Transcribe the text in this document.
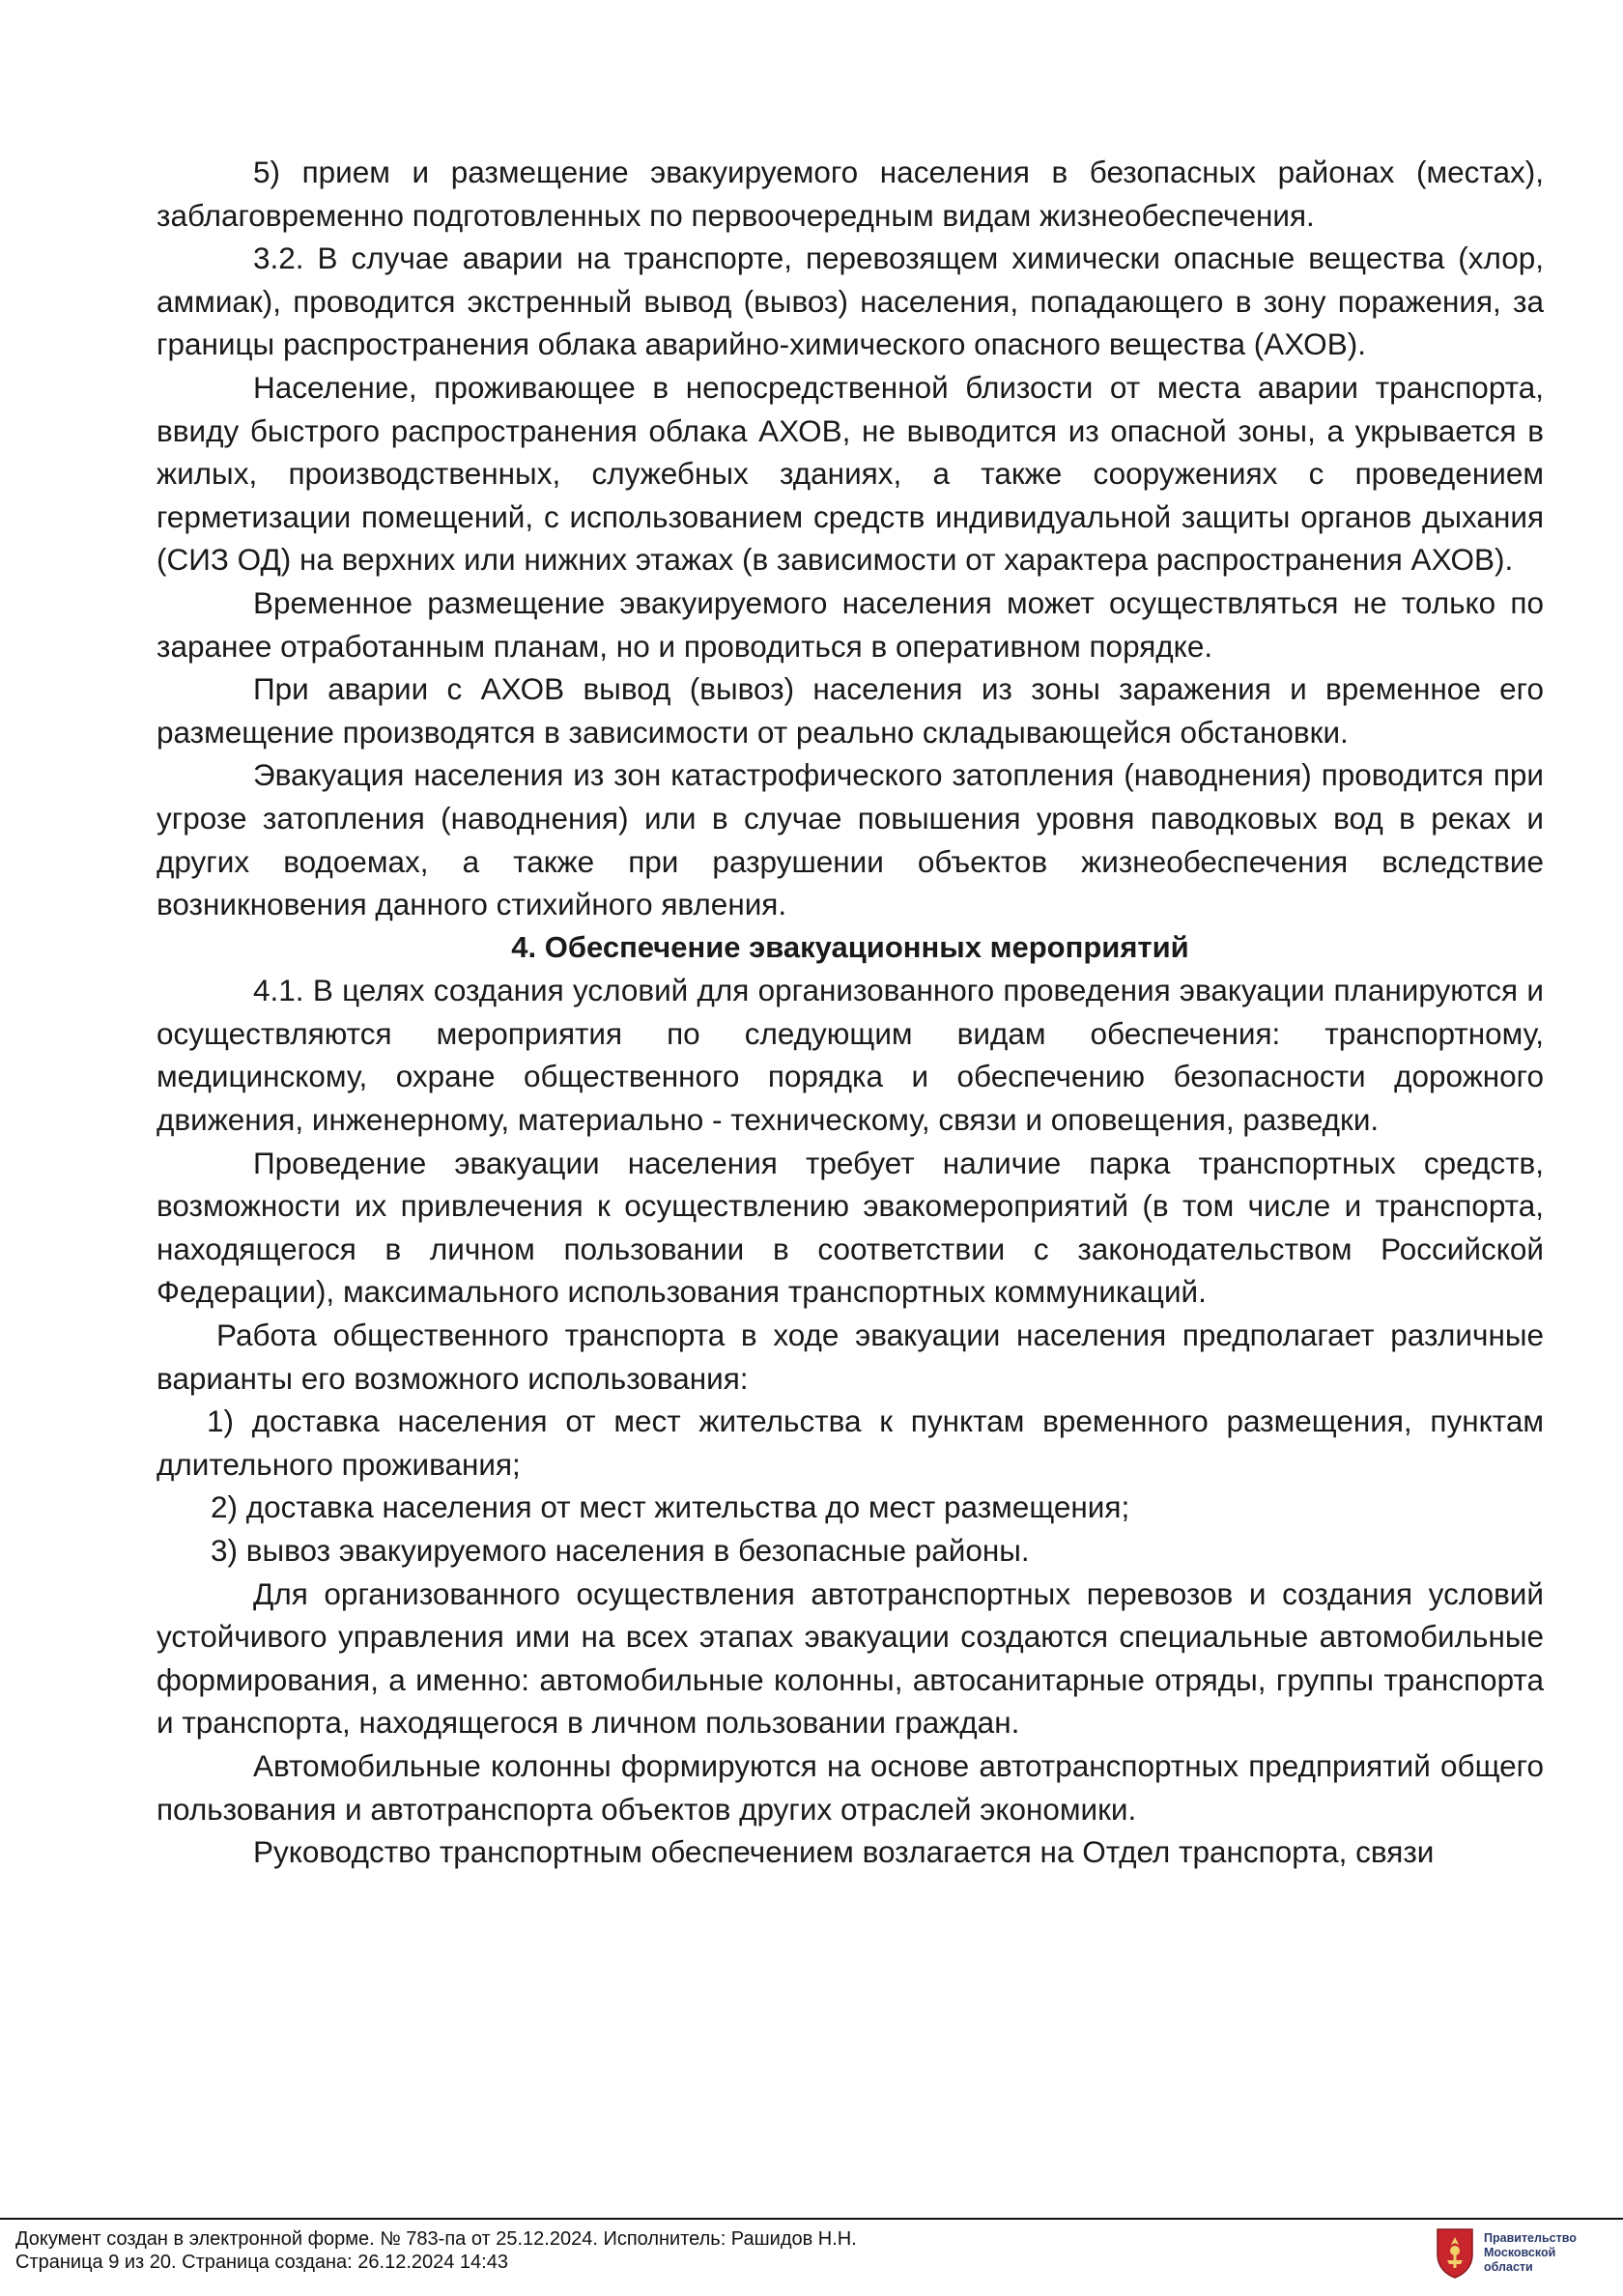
5) прием и размещение эвакуируемого населения в безопасных районах (местах), заблаговременно подготовленных по первоочередным видам жизнеобеспечения.

3.2. В случае аварии на транспорте, перевозящем химически опасные вещества (хлор, аммиак), проводится экстренный вывод (вывоз) населения, попадающего в зону поражения, за границы распространения облака аварийно-химического опасного вещества (АХОВ).

Население, проживающее в непосредственной близости от места аварии транспорта, ввиду быстрого распространения облака АХОВ, не выводится из опасной зоны, а укрывается в жилых, производственных, служебных зданиях, а также сооружениях с проведением герметизации помещений, с использованием средств индивидуальной защиты органов дыхания (СИЗ ОД) на верхних или нижних этажах (в зависимости от характера распространения АХОВ).

Временное размещение эвакуируемого населения может осуществляться не только по заранее отработанным планам, но и проводиться в оперативном порядке.

При аварии с АХОВ вывод (вывоз) населения из зоны заражения и временное его размещение производятся в зависимости от реально складывающейся обстановки.

Эвакуация населения из зон катастрофического затопления (наводнения) проводится при угрозе затопления (наводнения) или в случае повышения уровня паводковых вод в реках и других водоемах, а также при разрушении объектов жизнеобеспечения вследствие возникновения данного стихийного явления.

4. Обеспечение эвакуационных мероприятий

4.1. В целях создания условий для организованного проведения эвакуации планируются и осуществляются мероприятия по следующим видам обеспечения: транспортному, медицинскому, охране общественного порядка и обеспечению безопасности дорожного движения, инженерному, материально - техническому, связи и оповещения, разведки.

Проведение эвакуации населения требует наличие парка транспортных средств, возможности их привлечения к осуществлению эвакомероприятий (в том числе и транспорта, находящегося в личном пользовании в соответствии с законодательством Российской Федерации), максимального использования транспортных коммуникаций.

Работа общественного транспорта в ходе эвакуации населения предполагает различные варианты его возможного использования:

1) доставка населения от мест жительства к пунктам временного размещения, пунктам длительного проживания;

2) доставка населения от мест жительства до мест размещения;

3) вывоз эвакуируемого населения в безопасные районы.

Для организованного осуществления автотранспортных перевозов и создания условий устойчивого управления ими на всех этапах эвакуации создаются специальные автомобильные формирования, а именно: автомобильные колонны, автосанитарные отряды, группы транспорта и транспорта, находящегося в личном пользовании граждан.

Автомобильные колонны формируются на основе автотранспортных предприятий общего пользования и автотранспорта объектов других отраслей экономики.

Руководство транспортным обеспечением возлагается на Отдел транспорта, связи

Документ создан в электронной форме. № 783-па от 25.12.2024. Исполнитель: Рашидов Н.Н.
Страница 9 из 20. Страница создана: 26.12.2024 14:43
Правительство
Московской области
